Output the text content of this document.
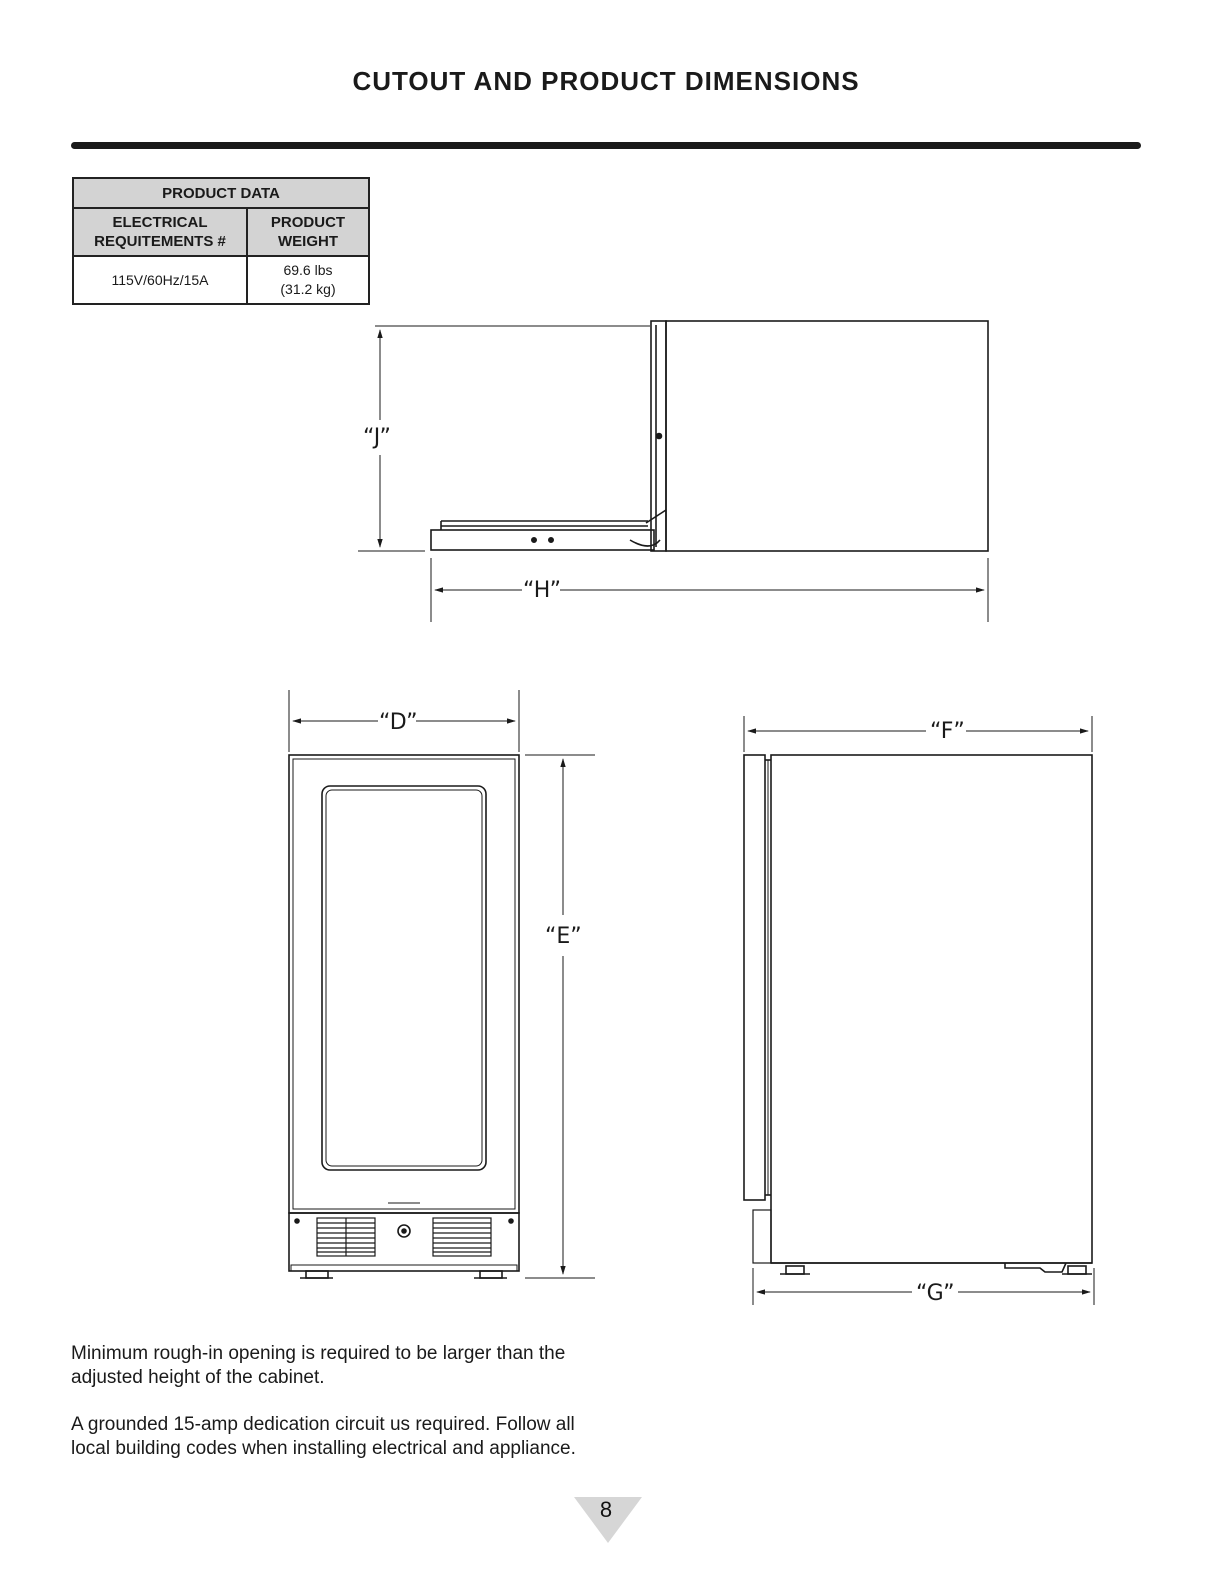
CUTOUT AND PRODUCT DIMENSIONS
PRODUCT DATA	
ELECTRICAL REQUITEMENTS #	PRODUCT WEIGHT
115V/60Hz/15A	69.6 lbs
(31.2 kg)
“J”
“H”
“D”
“E”
“F”
“G”
Minimum rough-in opening is required to be larger than the adjusted height of the cabinet.
A grounded 15-amp dedication circuit us required. Follow all local building codes when installing electrical and appliance.
8
